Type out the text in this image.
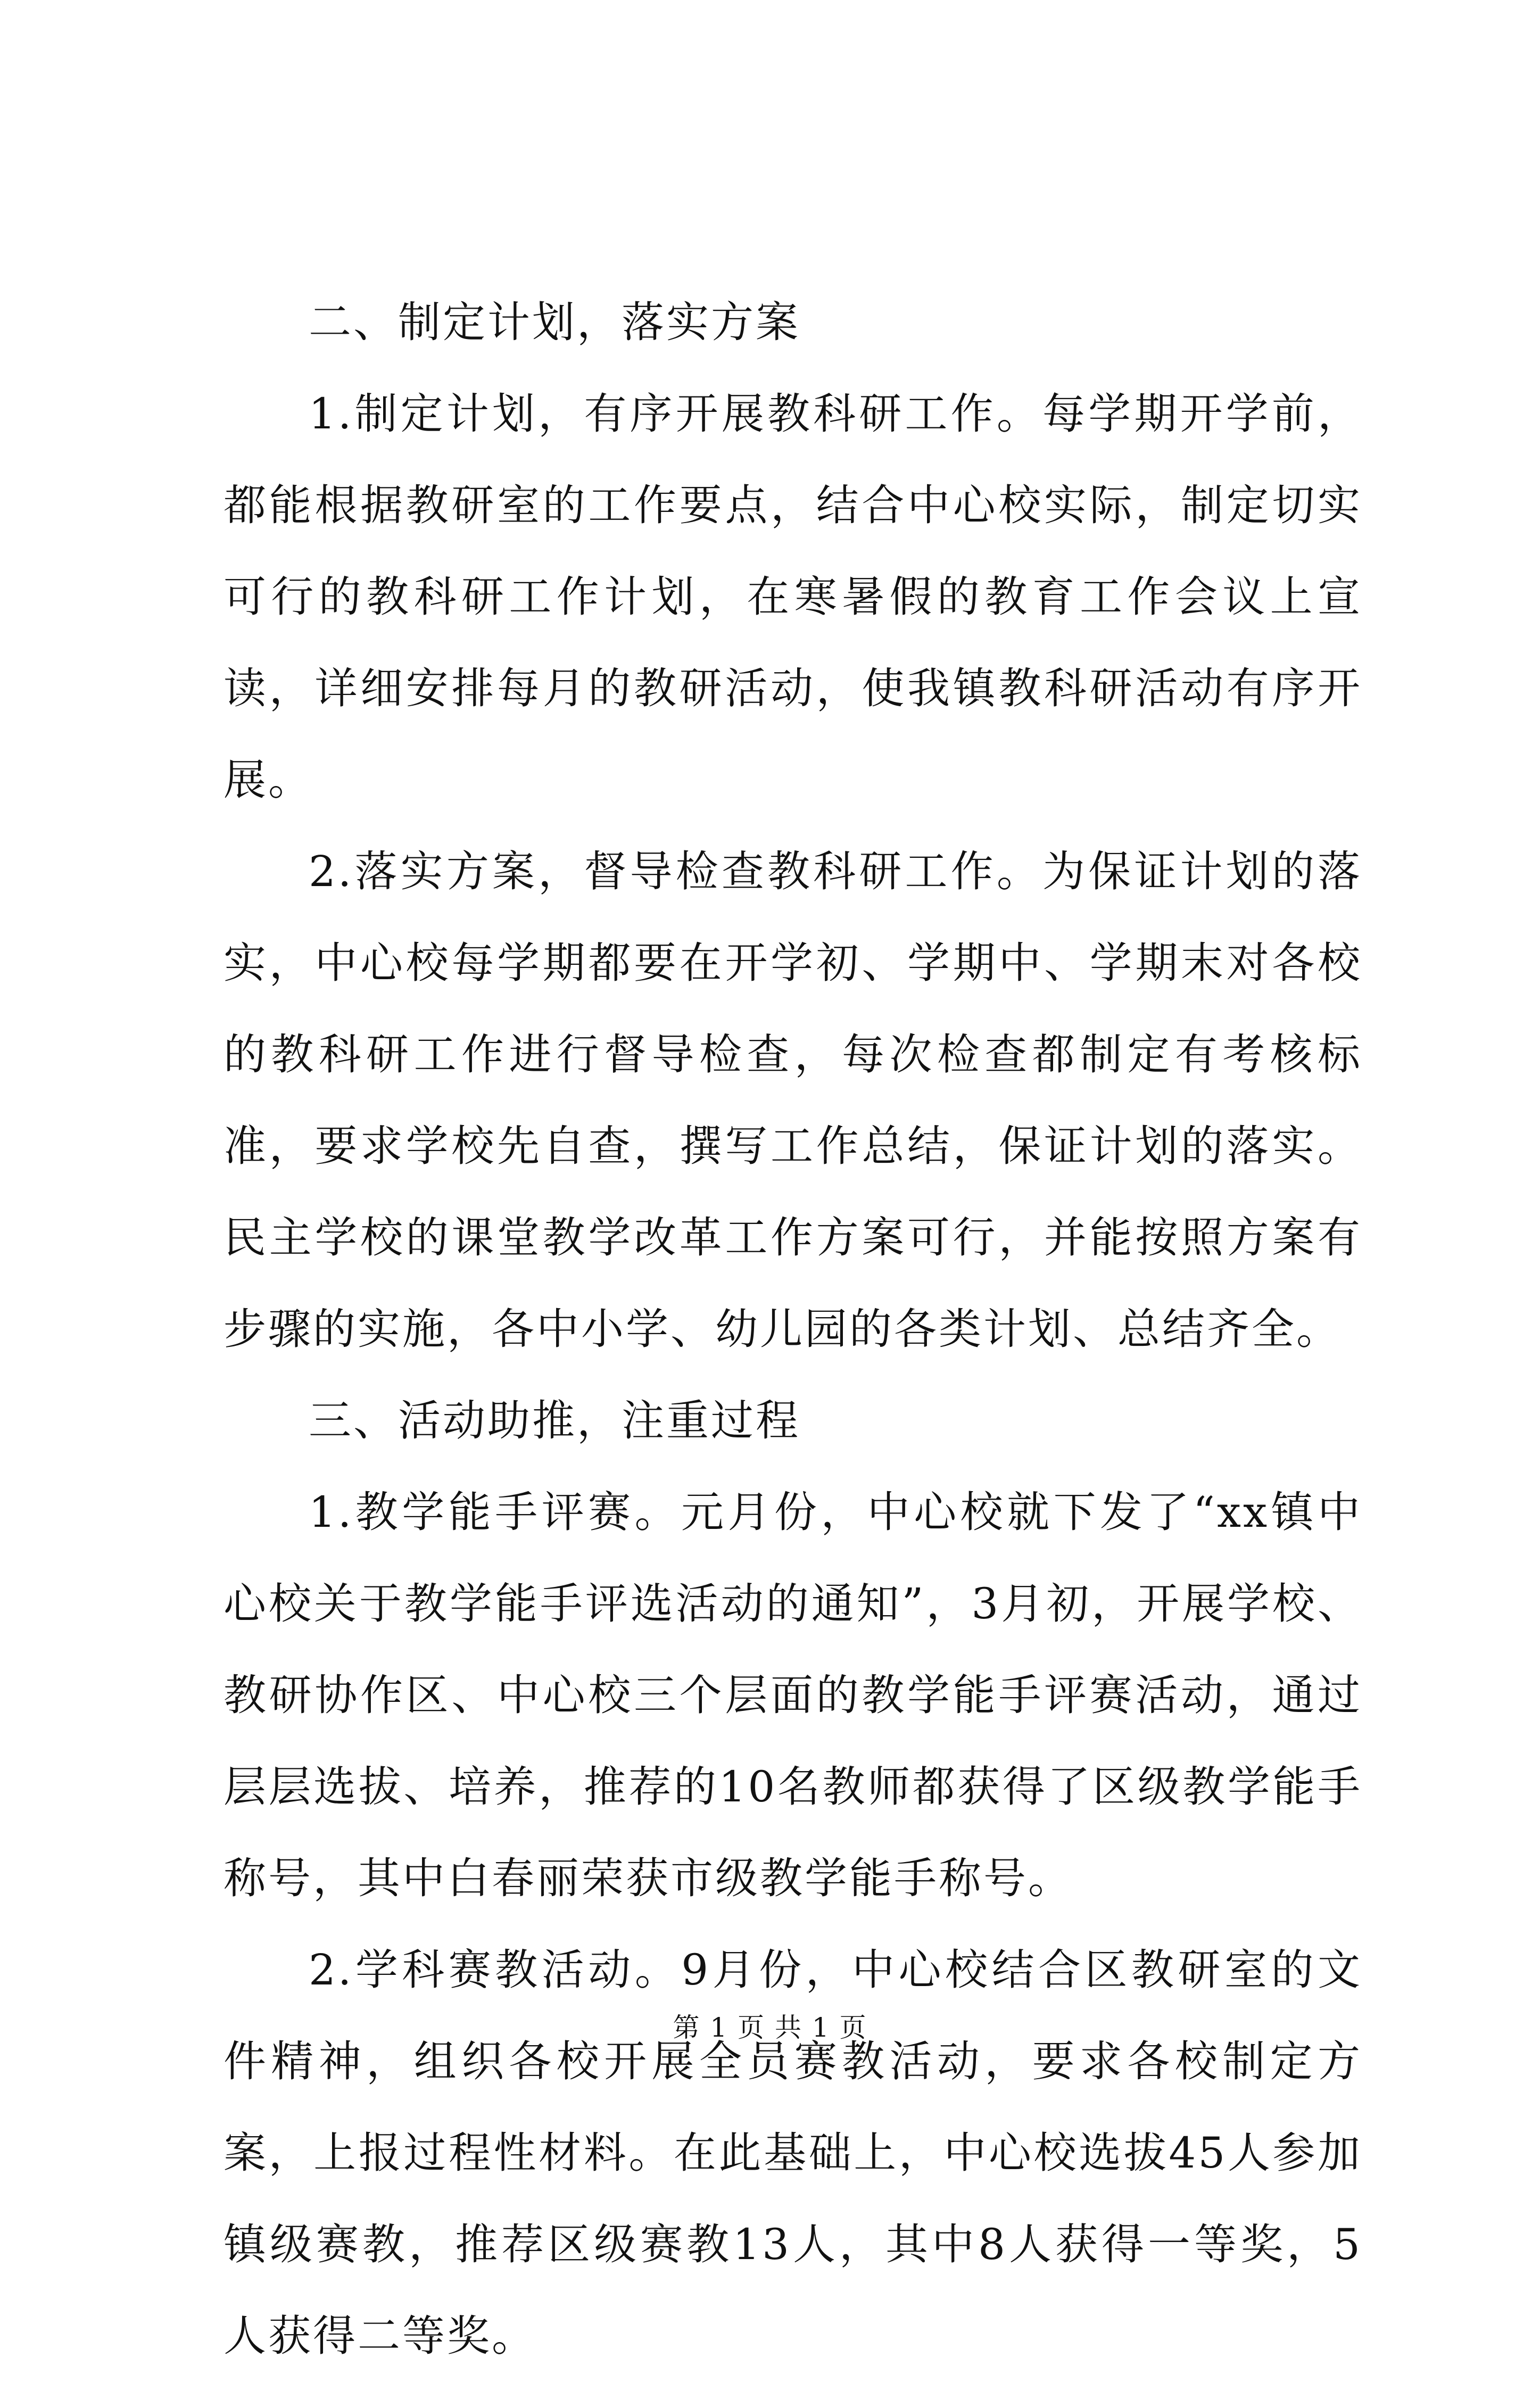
二、制定计划，落实方案

1.制定计划，有序开展教科研工作。每学期开学前，都能根据教研室的工作要点，结合中心校实际，制定切实可行的教科研工作计划，在寒暑假的教育工作会议上宣读，详细安排每月的教研活动，使我镇教科研活动有序开展。

2.落实方案，督导检查教科研工作。为保证计划的落实，中心校每学期都要在开学初、学期中、学期末对各校的教科研工作进行督导检查，每次检查都制定有考核标准，要求学校先自查，撰写工作总结，保证计划的落实。民主学校的课堂教学改革工作方案可行，并能按照方案有步骤的实施，各中小学、幼儿园的各类计划、总结齐全。

三、活动助推，注重过程

1.教学能手评赛。元月份，中心校就下发了“xx镇中心校关于教学能手评选活动的通知”，3月初，开展学校、教研协作区、中心校三个层面的教学能手评赛活动，通过层层选拔、培养，推荐的10名教师都获得了区级教学能手称号，其中白春丽荣获市级教学能手称号。

2.学科赛教活动。9月份，中心校结合区教研室的文件精神，组织各校开展全员赛教活动，要求各校制定方案，上报过程性材料。在此基础上，中心校选拔45人参加镇级赛教，推荐区级赛教13人，其中8人获得一等奖，5人获得二等奖。

第 1 页 共 1 页
